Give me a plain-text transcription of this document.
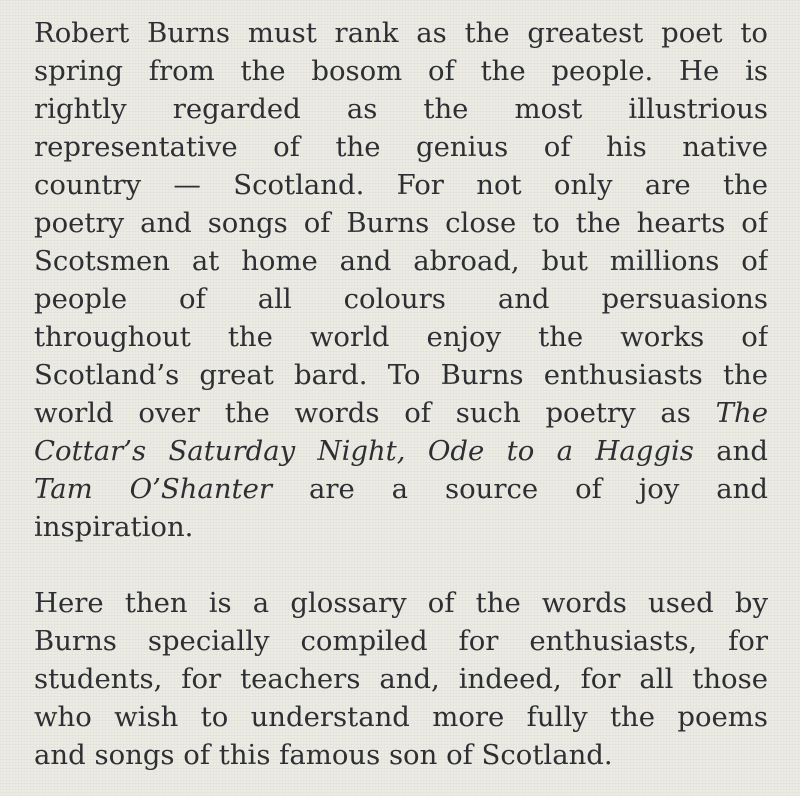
Robert Burns must rank as the greatest poet to
spring from the bosom of the people. He is
rightly regarded as the most illustrious
representative of the genius of his native
country — Scotland. For not only are the
poetry and songs of Burns close to the hearts of
Scotsmen at home and abroad, but millions of
people of all colours and persuasions
throughout the world enjoy the works of
Scotland’s great bard. To Burns enthusiasts the
world over the words of such poetry as The
Cottar’s Saturday Night, Ode to a Haggis and
Tam O’Shanter are a source of joy and
inspiration.
Here then is a glossary of the words used by
Burns specially compiled for enthusiasts, for
students, for teachers and, indeed, for all those
who wish to understand more fully the poems
and songs of this famous son of Scotland.
